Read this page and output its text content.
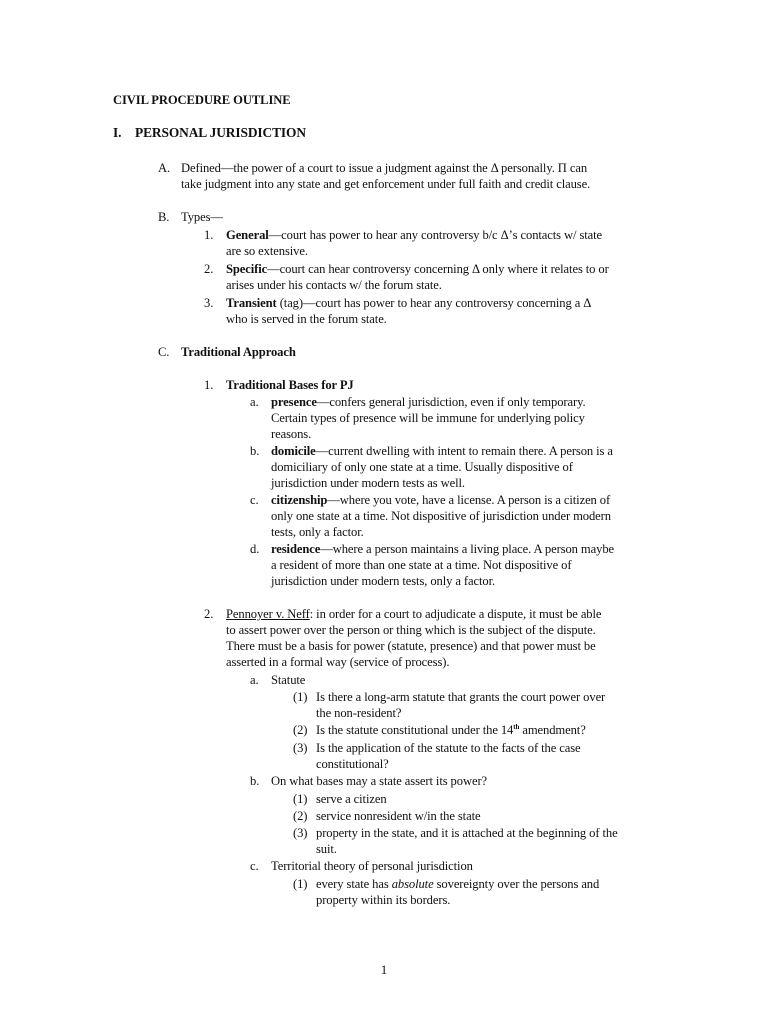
CIVIL PROCEDURE OUTLINE
I. PERSONAL JURISDICTION
A. Defined—the power of a court to issue a judgment against the Δ personally. Π can
take judgment into any state and get enforcement under full faith and credit clause.
B. Types—
1. General—court has power to hear any controversy b/c Δ’s contacts w/ state
are so extensive.
2. Specific—court can hear controversy concerning Δ only where it relates to or
arises under his contacts w/ the forum state.
3. Transient (tag)—court has power to hear any controversy concerning a Δ
who is served in the forum state.
C. Traditional Approach
1. Traditional Bases for PJ
a. presence—confers general jurisdiction, even if only temporary.
Certain types of presence will be immune for underlying policy
reasons.
b. domicile—current dwelling with intent to remain there. A person is a
domiciliary of only one state at a time. Usually dispositive of
jurisdiction under modern tests as well.
c. citizenship—where you vote, have a license. A person is a citizen of
only one state at a time. Not dispositive of jurisdiction under modern
tests, only a factor.
d. residence—where a person maintains a living place. A person maybe
a resident of more than one state at a time. Not dispositive of
jurisdiction under modern tests, only a factor.
2. Pennoyer v. Neff: in order for a court to adjudicate a dispute, it must be able
to assert power over the person or thing which is the subject of the dispute.
There must be a basis for power (statute, presence) and that power must be
asserted in a formal way (service of process).
a. Statute
(1) Is there a long-arm statute that grants the court power over
the non-resident?
(2) Is the statute constitutional under the 14th amendment?
(3) Is the application of the statute to the facts of the case
constitutional?
b. On what bases may a state assert its power?
(1) serve a citizen
(2) service nonresident w/in the state
(3) property in the state, and it is attached at the beginning of the
suit.
c. Territorial theory of personal jurisdiction
(1) every state has absolute sovereignty over the persons and
property within its borders.
1
